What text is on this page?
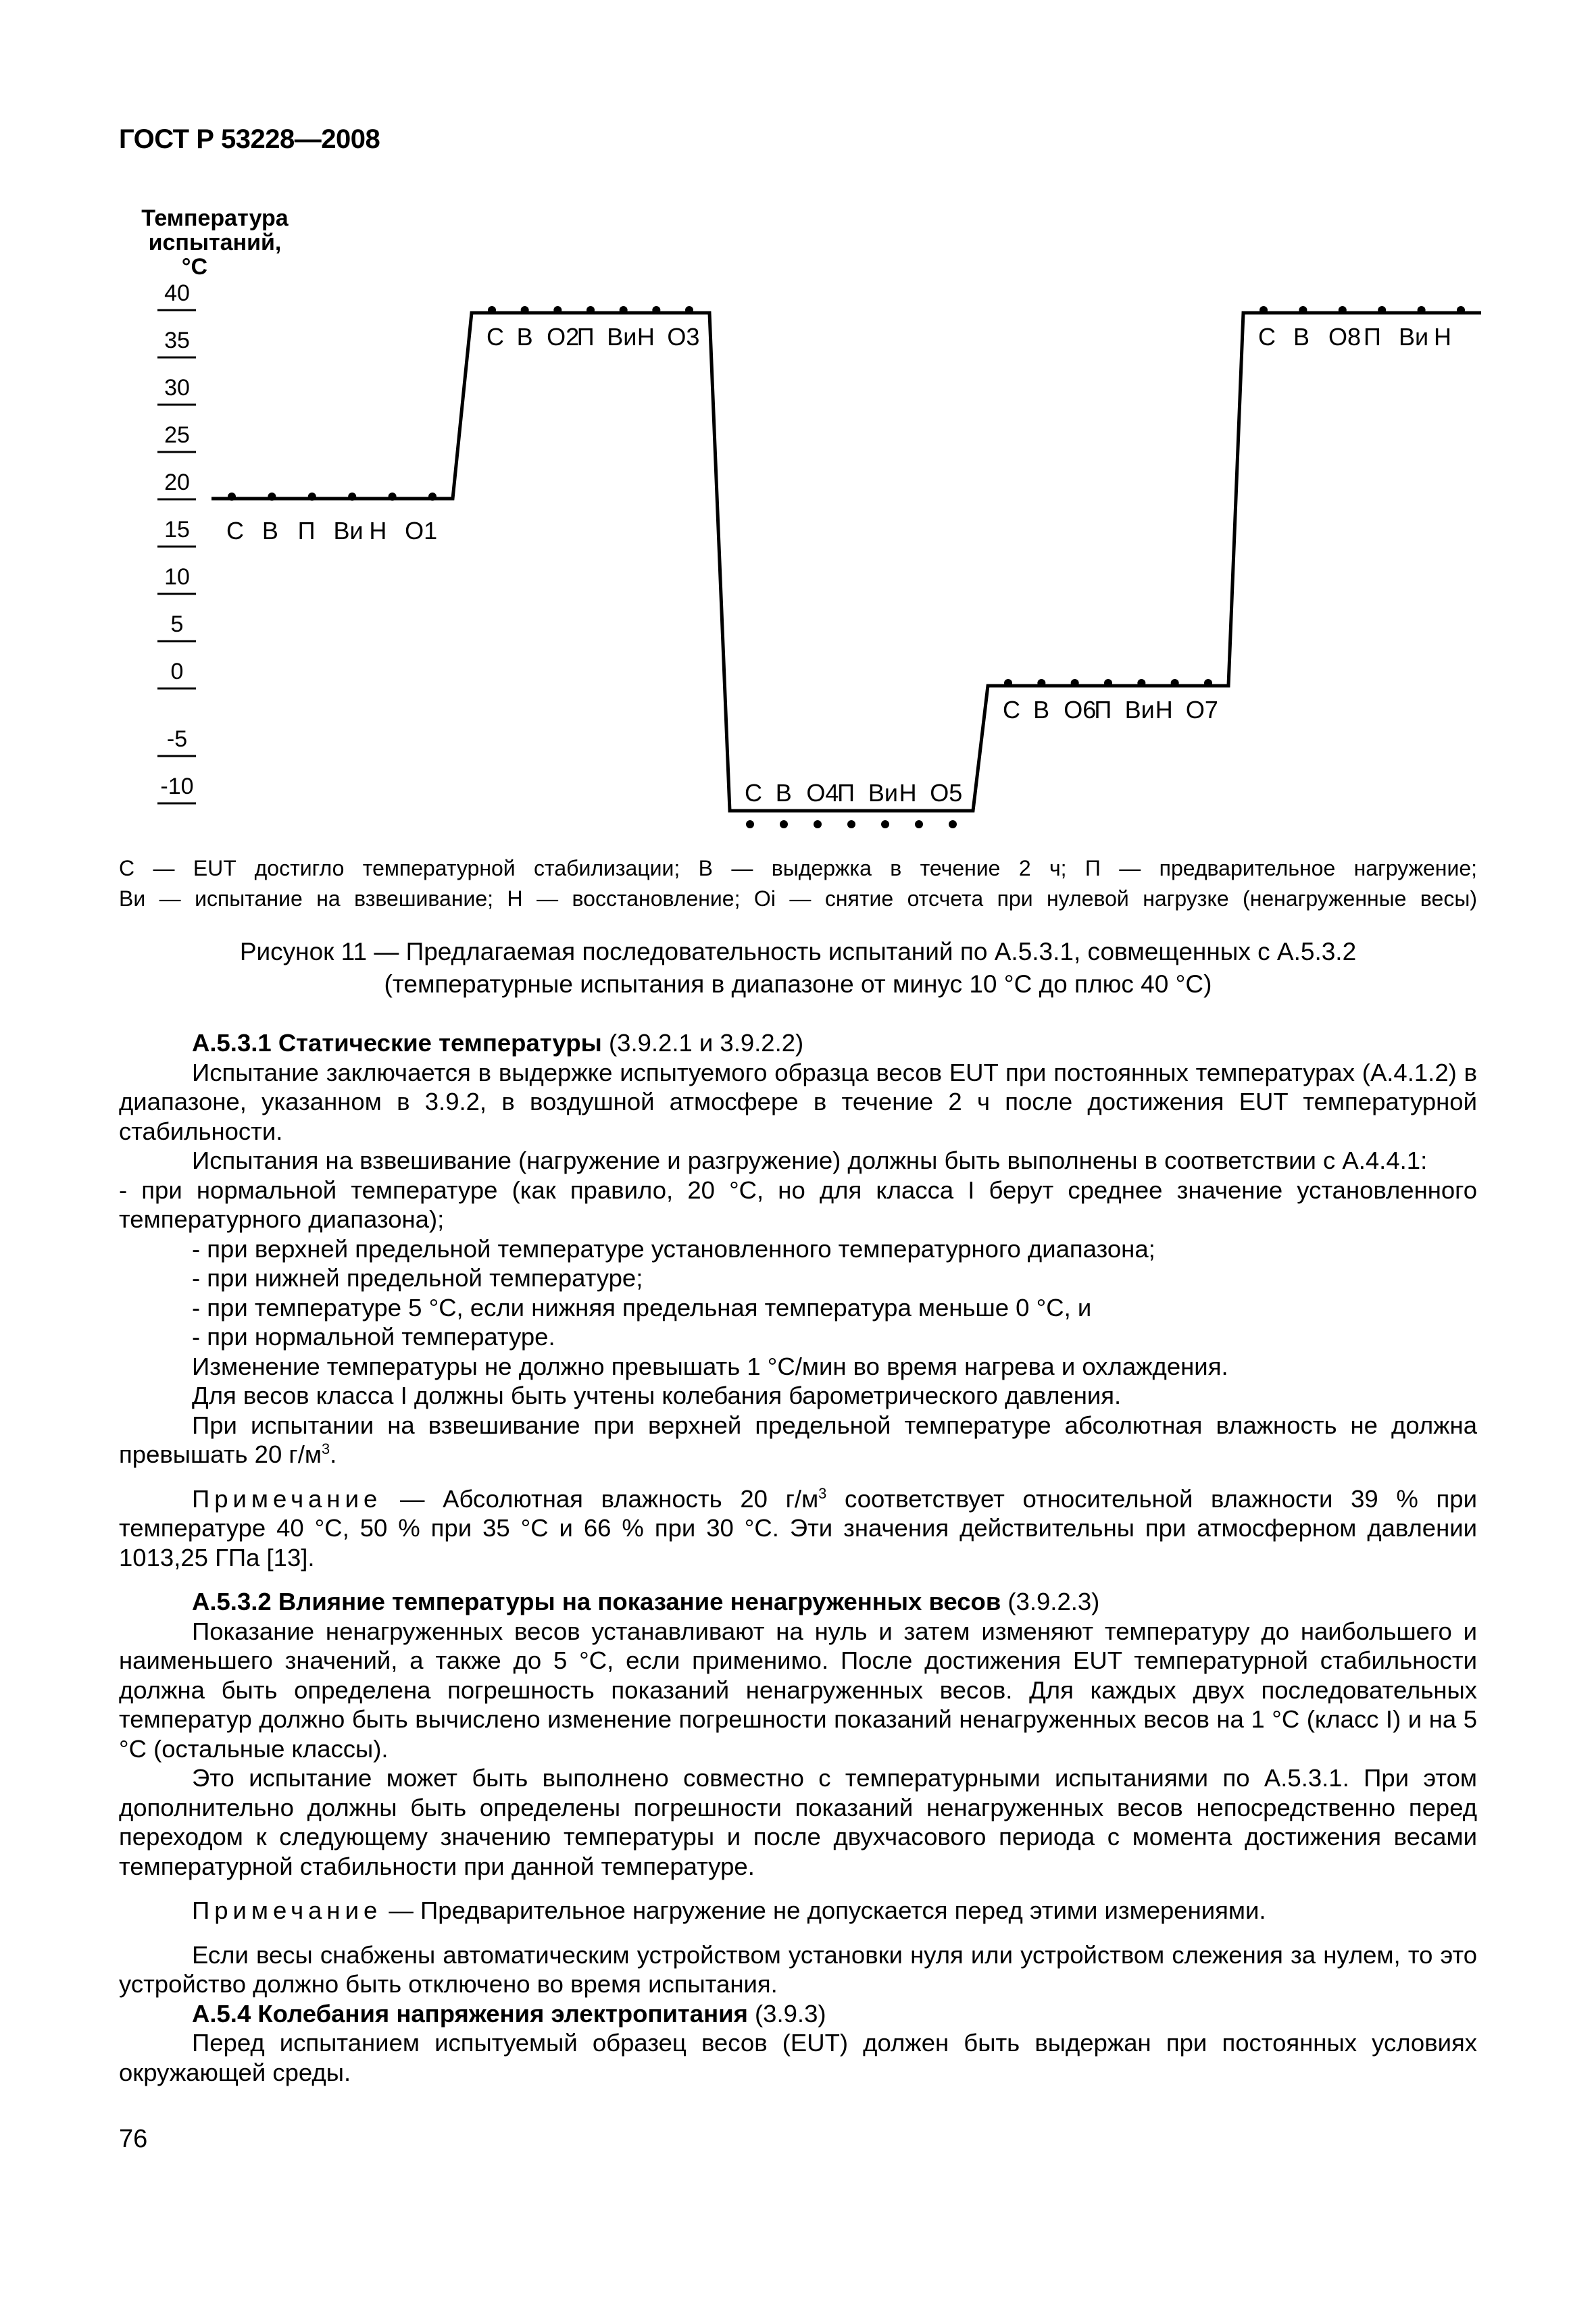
ГОСТ Р 53228—2008
Температура
испытаний,
°С
40
35
30
25
20
15
10
5
0
-5
-10
С В П Ви Н О1
С В О2
П Ви Н О3
С В О4
П Ви Н О5
С В О6
П Ви Н О7
С В О8 П Ви Н
С — EUT достигло температурной стабилизации; В — выдержка в течение 2 ч; П — предварительное нагружение;
Ви — испытание на взвешивание; Н — восстановление; Oi — снятие отсчета при нулевой нагрузке (ненагруженные весы)
Рисунок 11 — Предлагаемая последовательность испытаний по А.5.3.1, совмещенных с А.5.3.2
(температурные испытания в диапазоне от минус 10 °С до плюс 40 °С)

А.5.3.1 Статические температуры (3.9.2.1 и 3.9.2.2)

Испытание заключается в выдержке испытуемого образца весов EUT при постоянных температурах (А.4.1.2) в диапазоне, указанном в 3.9.2, в воздушной атмосфере в течение 2 ч после достижения EUT температурной стабильности.

Испытания на взвешивание (нагружение и разгружение) должны быть выполнены в соответствии с А.4.4.1:

- при нормальной температуре (как правило, 20 °С, но для класса I берут среднее значение установленного температурного диапазона);

- при верхней предельной температуре установленного температурного диапазона;

- при нижней предельной температуре;

- при температуре 5 °С, если нижняя предельная температура меньше 0 °С, и

- при нормальной температуре.

Изменение температуры не должно превышать 1 °С/мин во время нагрева и охлаждения.

Для весов класса I должны быть учтены колебания барометрического давления.

При испытании на взвешивание при верхней предельной температуре абсолютная влажность не должна превышать 20 $г/м^3$.

Примечание — Абсолютная влажность 20 $г/м^3$ соответствует относительной влажности 39 % при температуре 40 °С, 50 % при 35 °С и 66 % при 30 °С. Эти значения действительны при атмосферном давлении 1013,25 ГПа [13].

А.5.3.2 Влияние температуры на показание ненагруженных весов (3.9.2.3)

Показание ненагруженных весов устанавливают на нуль и затем изменяют температуру до наибольшего и наименьшего значений, а также до 5 °С, если применимо. После достижения EUT температурной стабильности должна быть определена погрешность показаний ненагруженных весов. Для каждых двух последовательных температур должно быть вычислено изменение погрешности показаний ненагруженных весов на 1 °С (класс I) и на 5 °С (остальные классы).

Это испытание может быть выполнено совместно с температурными испытаниями по А.5.3.1. При этом дополнительно должны быть определены погрешности показаний ненагруженных весов непосредственно перед переходом к следующему значению температуры и после двухчасового периода с момента достижения весами температурной стабильности при данной температуре.

Примечание — Предварительное нагружение не допускается перед этими измерениями.

Если весы снабжены автоматическим устройством установки нуля или устройством слежения за нулем, то это устройство должно быть отключено во время испытания.

А.5.4 Колебания напряжения электропитания (3.9.3)

Перед испытанием испытуемый образец весов (EUT) должен быть выдержан при постоянных условиях окружающей среды.

76
